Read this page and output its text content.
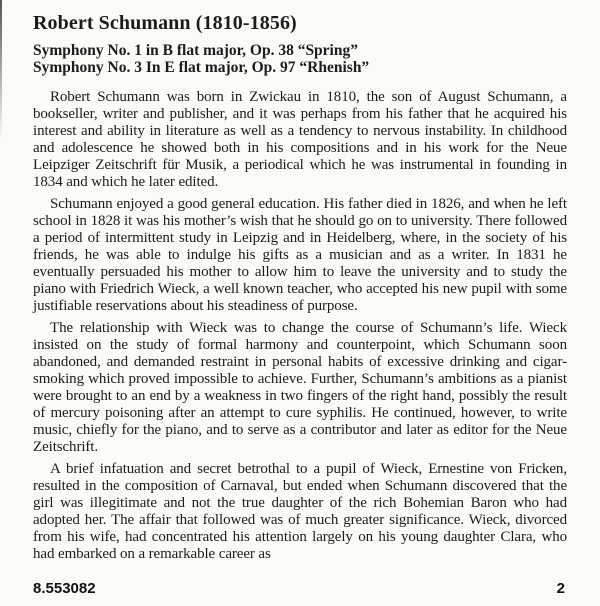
Robert Schumann (1810-1856)
Symphony No. 1 in B flat major, Op. 38 “Spring”
Symphony No. 3 In E flat major, Op. 97 “Rhenish”

Robert Schumann was born in Zwickau in 1810, the son of August Schumann, a bookseller, writer and publisher, and it was perhaps from his father that he acquired his interest and ability in literature as well as a tendency to nervous instability. In childhood and adolescence he showed both in his compositions and in his work for the Neue Leipziger Zeitschrift für Musik, a periodical which he was instrumental in founding in 1834 and which he later edited.

Schumann enjoyed a good general education. His father died in 1826, and when he left school in 1828 it was his mother’s wish that he should go on to university. There followed a period of intermittent study in Leipzig and in Heidelberg, where, in the society of his friends, he was able to indulge his gifts as a musician and as a writer. In 1831 he eventually persuaded his mother to allow him to leave the university and to study the piano with Friedrich Wieck, a well known teacher, who accepted his new pupil with some justifiable reservations about his steadiness of purpose.

The relationship with Wieck was to change the course of Schumann’s life. Wieck insisted on the study of formal harmony and counterpoint, which Schumann soon abandoned, and demanded restraint in personal habits of excessive drinking and cigar-smoking which proved impossible to achieve. Further, Schumann’s ambitions as a pianist were brought to an end by a weakness in two fingers of the right hand, possibly the result of mercury poisoning after an attempt to cure syphilis. He continued, however, to write music, chiefly for the piano, and to serve as a contributor and later as editor for the Neue Zeitschrift.

A brief infatuation and secret betrothal to a pupil of Wieck, Ernestine von Fricken, resulted in the composition of Carnaval, but ended when Schumann discovered that the girl was illegitimate and not the true daughter of the rich Bohemian Baron who had adopted her. The affair that followed was of much greater significance. Wieck, divorced from his wife, had concentrated his attention largely on his young daughter Clara, who had embarked on a remarkable career as

8.553082	2
